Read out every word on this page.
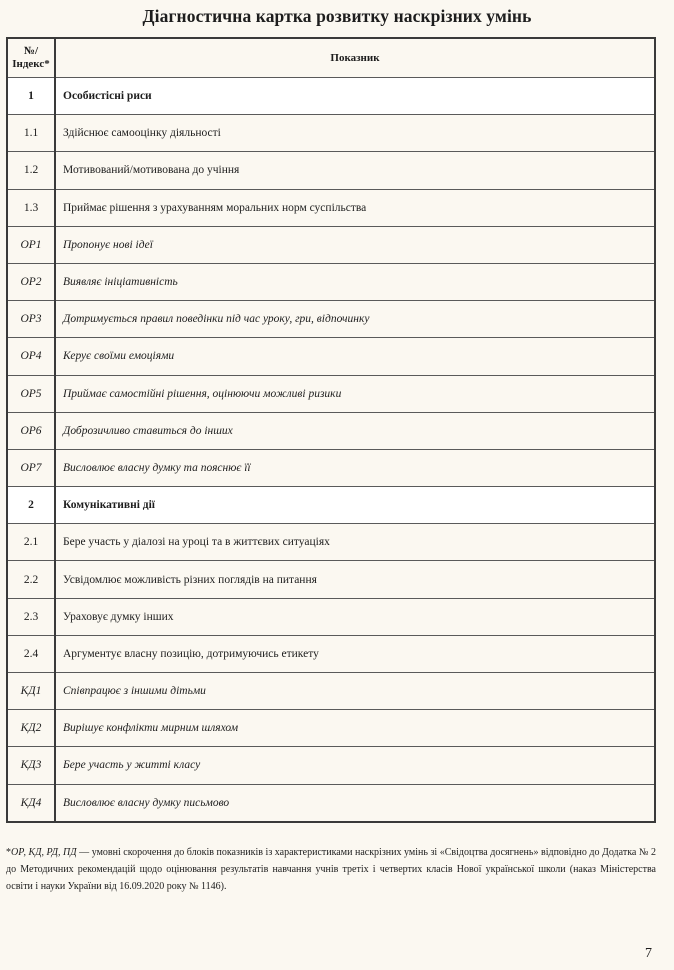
Діагностична картка розвитку наскрізних умінь
№/ Індекс*	Показник
1	Особистісні риси
1.1	Здійснює самооцінку діяльності
1.2	Мотивований/мотивована до учіння
1.3	Приймає рішення з урахуванням моральних норм суспільства
ОР1	Пропонує нові ідеї
ОР2	Виявляє ініціативність
ОР3	Дотримується правил поведінки під час уроку, гри, відпочинку
ОР4	Керує своїми емоціями
ОР5	Приймає самостійні рішення, оцінюючи можливі ризики
ОР6	Доброзичливо ставиться до інших
ОР7	Висловлює власну думку та пояснює її
2	Комунікативні дії
2.1	Бере участь у діалозі на уроці та в життєвих ситуаціях
2.2	Усвідомлює можливість різних поглядів на питання
2.3	Ураховує думку інших
2.4	Аргументує власну позицію, дотримуючись етикету
КД1	Співпрацює з іншими дітьми
КД2	Вирішує конфлікти мирним шляхом
КД3	Бере участь у житті класу
КД4	Висловлює власну думку письмово
*ОР, КД, РД, ПД — умовні скорочення до блоків показників із характеристиками наскрізних умінь зі «Свідоцтва досягнень» відповідно до Додатка № 2 до Методичних рекомендацій щодо оцінювання результатів навчання учнів третіх і четвертих класів Нової української школи (наказ Міністерства освіти і науки України від 16.09.2020 року № 1146).
7
